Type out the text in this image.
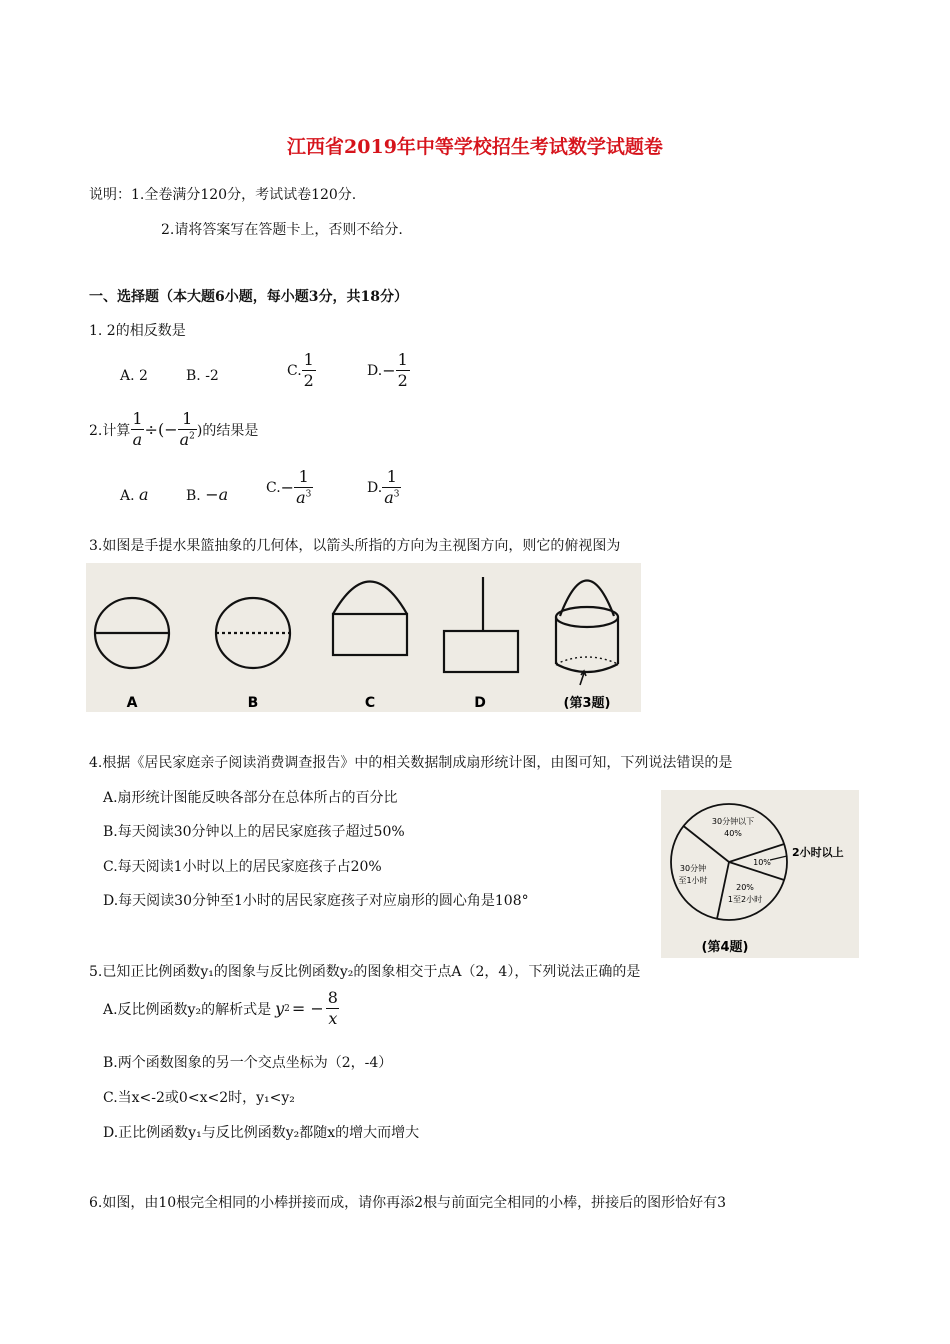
江西省2019年中等学校招生考试数学试题卷
说明：1.全卷满分120分，考试试卷120分.
2.请将答案写在答题卡上，否则不给分.
一、选择题（本大题6小题，每小题3分，共18分）
1. 2的相反数是
A. 2	B. -2	C. $\frac{1}{2}$	D. − $\frac{1}{2}$
2.计算 $\frac{1}{a}$ ÷(− $\frac{1}{a^2}$ )的结果是
A. a	B. −a	C. − $\frac{1}{a^3}$	D. $\frac{1}{a^3}$
3.如图是手提水果篮抽象的几何体，以箭头所指的方向为主视图方向，则它的俯视图为
A	B	C	D	(第3题)
4.根据《居民家庭亲子阅读消费调查报告》中的相关数据制成扇形统计图，由图可知，下列说法错误的是
A.扇形统计图能反映各部分在总体所占的百分比
B.每天阅读30分钟以上的居民家庭孩子超过50%
C.每天阅读1小时以上的居民家庭孩子占20%
D.每天阅读30分钟至1小时的居民家庭孩子对应扇形的圆心角是108°
30分钟以下
40%
30分钟
至1小时
10%
20%
1至2小时
2小时以上
(第4题)
5.已知正比例函数y₁的图象与反比例函数y₂的图象相交于点A（2，4），下列说法正确的是
A.反比例函数y₂的解析式是 y 2 = − $\frac{8}{x}$
B.两个函数图象的另一个交点坐标为（2，-4）
C.当x<-2或0<x<2时，y₁<y₂
D.正比例函数y₁与反比例函数y₂都随x的增大而增大
6.如图，由10根完全相同的小棒拼接而成，请你再添2根与前面完全相同的小棒，拼接后的图形恰好有3
